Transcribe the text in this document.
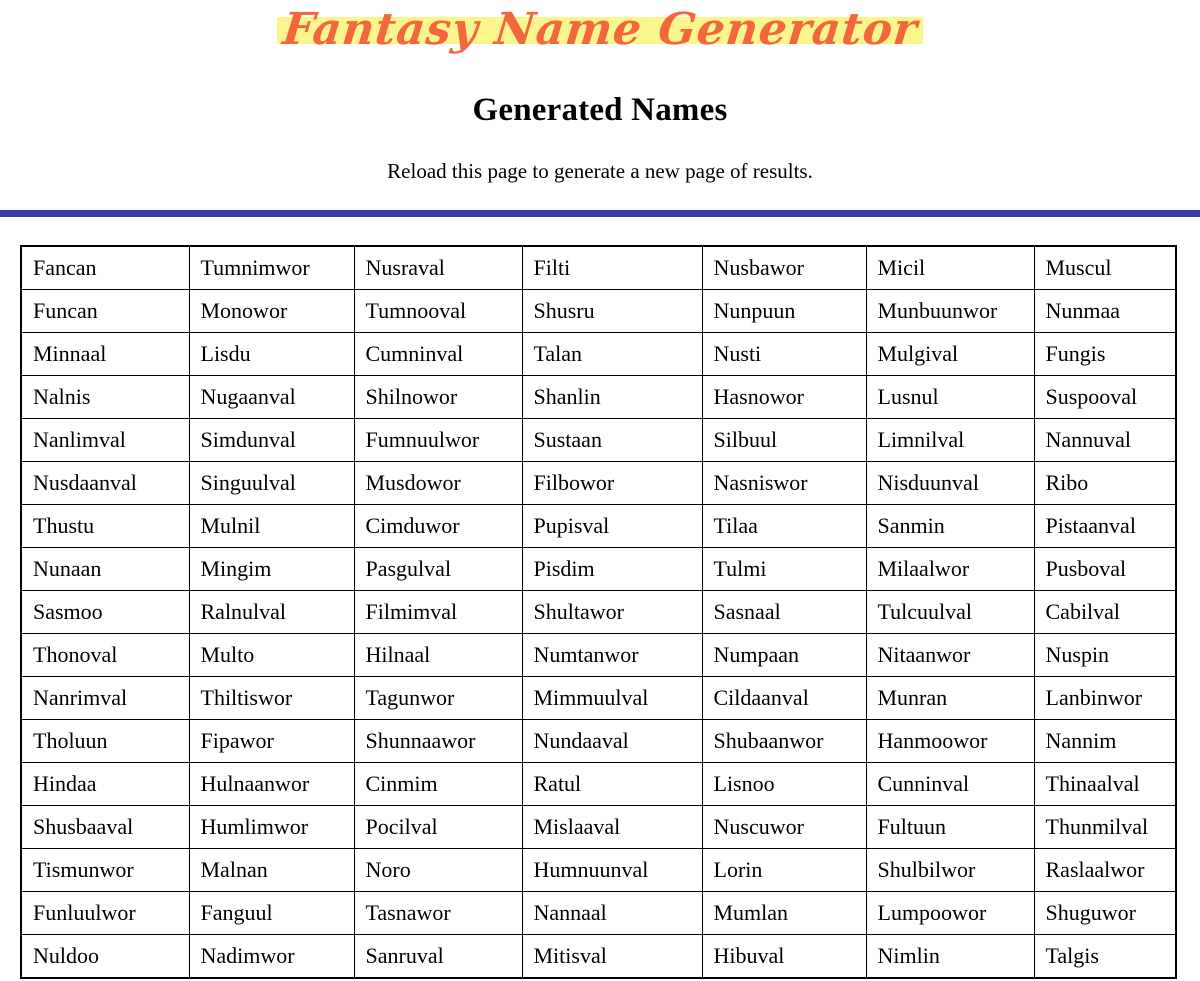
Fantasy Name Generator
Generated Names

Reload this page to generate a new page of results.

Fancan	Tumnimwor	Nusraval	Filti	Nusbawor	Micil	Muscul
Funcan	Monowor	Tumnooval	Shusru	Nunpuun	Munbuunwor	Nunmaa
Minnaal	Lisdu	Cumninval	Talan	Nusti	Mulgival	Fungis
Nalnis	Nugaanval	Shilnowor	Shanlin	Hasnowor	Lusnul	Suspooval
Nanlimval	Simdunval	Fumnuulwor	Sustaan	Silbuul	Limnilval	Nannuval
Nusdaanval	Singuulval	Musdowor	Filbowor	Nasniswor	Nisduunval	Ribo
Thustu	Mulnil	Cimduwor	Pupisval	Tilaa	Sanmin	Pistaanval
Nunaan	Mingim	Pasgulval	Pisdim	Tulmi	Milaalwor	Pusboval
Sasmoo	Ralnulval	Filmimval	Shultawor	Sasnaal	Tulcuulval	Cabilval
Thonoval	Multo	Hilnaal	Numtanwor	Numpaan	Nitaanwor	Nuspin
Nanrimval	Thiltiswor	Tagunwor	Mimmuulval	Cildaanval	Munran	Lanbinwor
Tholuun	Fipawor	Shunnaawor	Nundaaval	Shubaanwor	Hanmoowor	Nannim
Hindaa	Hulnaanwor	Cinmim	Ratul	Lisnoo	Cunninval	Thinaalval
Shusbaaval	Humlimwor	Pocilval	Mislaaval	Nuscuwor	Fultuun	Thunmilval
Tismunwor	Malnan	Noro	Humnuunval	Lorin	Shulbilwor	Raslaalwor
Funluulwor	Fanguul	Tasnawor	Nannaal	Mumlan	Lumpoowor	Shuguwor
Nuldoo	Nadimwor	Sanruval	Mitisval	Hibuval	Nimlin	Talgis
